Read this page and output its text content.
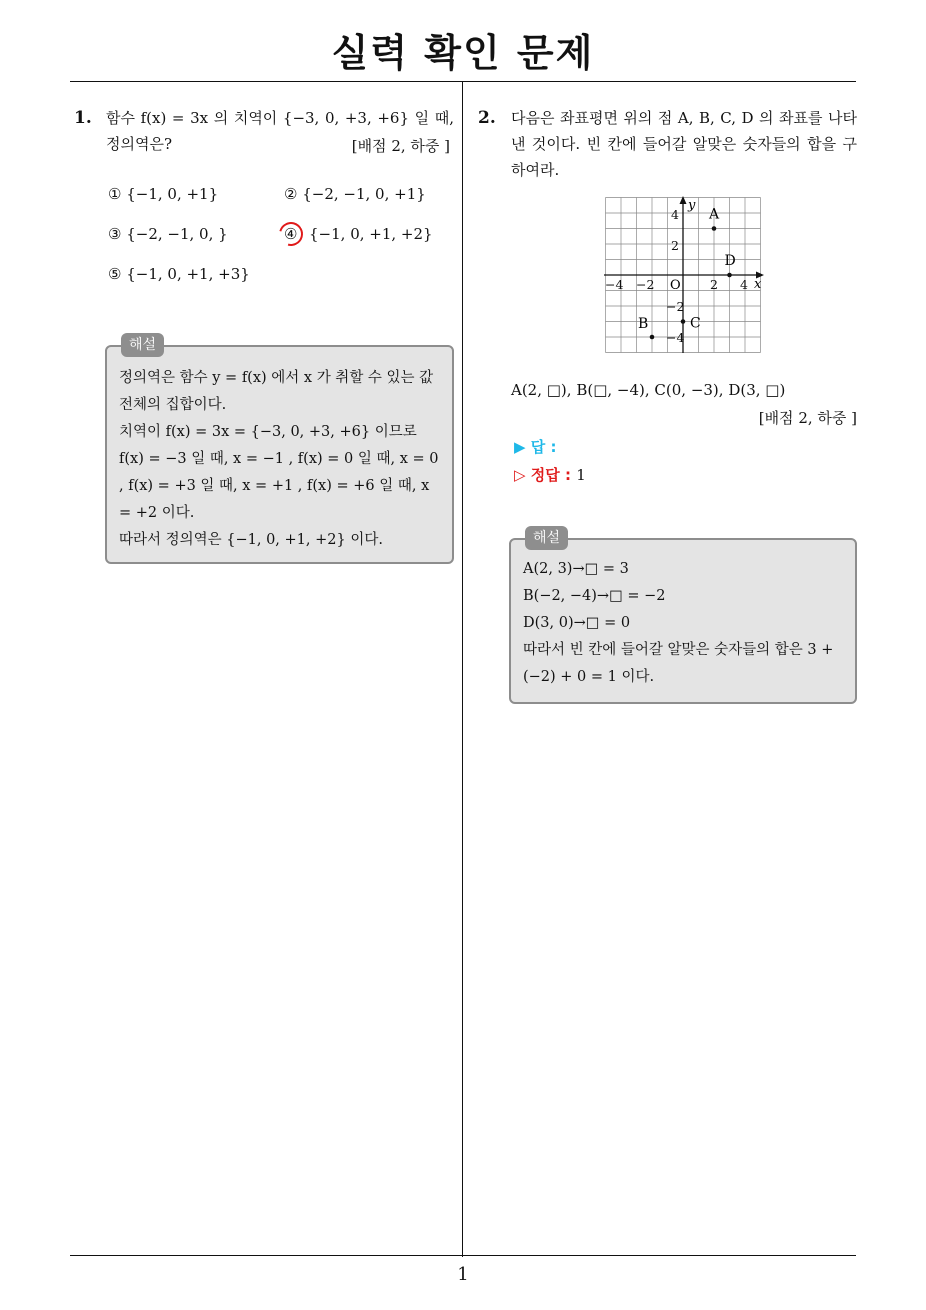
실력 확인 문제
1. 함수 f(x) = 3x 의 치역이 {−3, 0, +3, +6} 일 때, 정의역은?	[배점 2, 하중 ]
① {−1, 0, +1}	② {−2, −1, 0, +1}
③ {−2, −1, 0, }	④ {−1, 0, +1, +2}
⑤ {−1, 0, +1, +3}
해설

정의역은 함수 y = f(x) 에서 x 가 취할 수 있는 값 전체의 집합이다.

치역이 f(x) = 3x = {−3, 0, +3, +6} 이므로

f(x) = −3 일 때, x = −1 , f(x) = 0 일 때, x = 0 , f(x) = +3 일 때, x = +1 , f(x) = +6 일 때, x = +2 이다.

따라서 정의역은 {−1, 0, +1, +2} 이다.

2. 다음은 좌표평면 위의 점 A, B, C, D 의 좌표를 나타낸 것이다. 빈 칸에 들어갈 알맞은 숫자들의 합을 구하여라.
x
y
O
−4 −2	2 4
4
2
−2
−4
A
B	C
D
A(2, □), B(□, −4), C(0, −3), D(3, □)
[배점 2, 하중 ]
▶ 답 :
▷ 정답 : 1
해설

A(2, 3)→□ = 3

B(−2, −4)→□ = −2

D(3, 0)→□ = 0

따라서 빈 칸에 들어갈 알맞은 숫자들의 합은 3 + (−2) + 0 = 1 이다.

1
